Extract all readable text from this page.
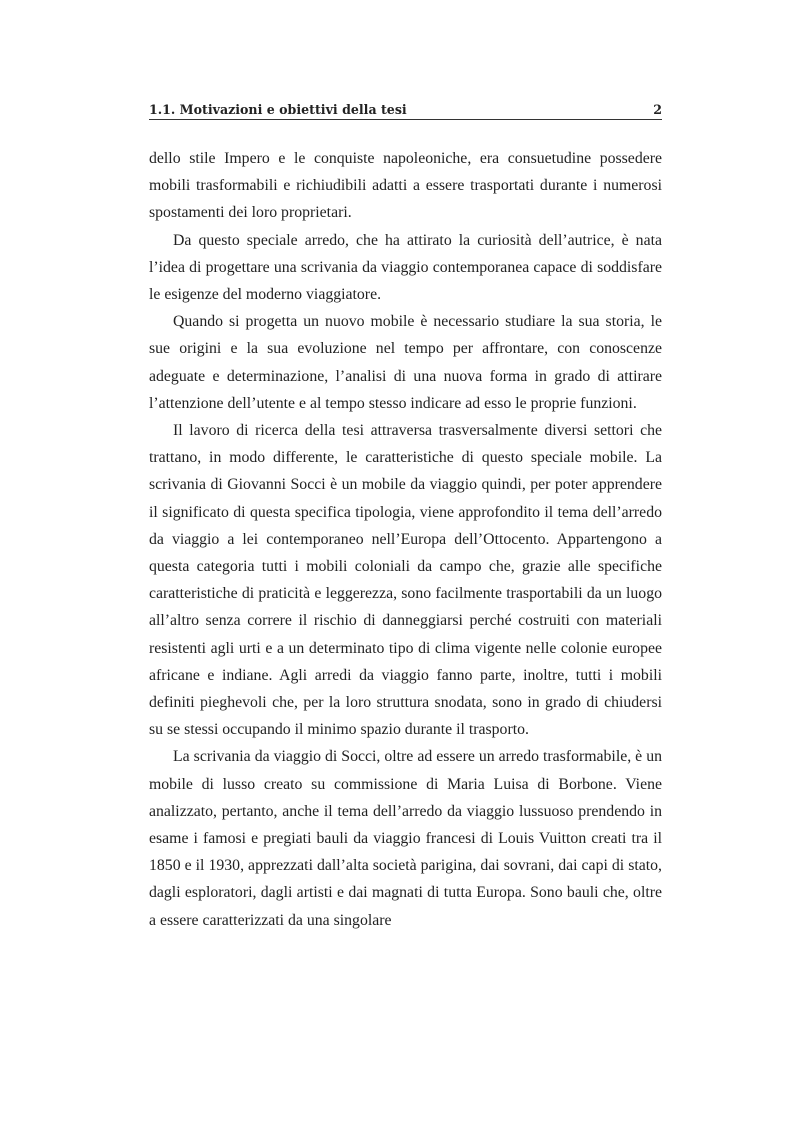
1.1. Motivazioni e obiettivi della tesi	2

dello stile Impero e le conquiste napoleoniche, era consuetudine possedere mobili trasformabili e richiudibili adatti a essere trasportati durante i numerosi spostamenti dei loro proprietari.

Da questo speciale arredo, che ha attirato la curiosità dell’autrice, è nata l’idea di progettare una scrivania da viaggio contemporanea capace di soddisfare le esigenze del moderno viaggiatore.

Quando si progetta un nuovo mobile è necessario studiare la sua storia, le sue origini e la sua evoluzione nel tempo per affrontare, con conoscenze adeguate e determinazione, l’analisi di una nuova forma in grado di attirare l’attenzione dell’utente e al tempo stesso indicare ad esso le proprie funzioni.

Il lavoro di ricerca della tesi attraversa trasversalmente diversi settori che trattano, in modo differente, le caratteristiche di questo speciale mobile. La scrivania di Giovanni Socci è un mobile da viaggio quindi, per poter apprendere il significato di questa specifica tipologia, viene approfondito il tema dell’arredo da viaggio a lei contemporaneo nell’Europa dell’Ottocento. Appartengono a questa categoria tutti i mobili coloniali da campo che, grazie alle specifiche caratteristiche di praticità e leggerezza, sono facilmente trasportabili da un luogo all’altro senza correre il rischio di danneggiarsi perché costruiti con materiali resistenti agli urti e a un determinato tipo di clima vigente nelle colonie europee africane e indiane. Agli arredi da viaggio fanno parte, inoltre, tutti i mobili definiti pieghevoli che, per la loro struttura snodata, sono in grado di chiudersi su se stessi occupando il minimo spazio durante il trasporto.

La scrivania da viaggio di Socci, oltre ad essere un arredo trasformabile, è un mobile di lusso creato su commissione di Maria Luisa di Borbone. Viene analizzato, pertanto, anche il tema dell’arredo da viaggio lussuoso prendendo in esame i famosi e pregiati bauli da viaggio francesi di Louis Vuitton creati tra il 1850 e il 1930, apprezzati dall’alta società parigina, dai sovrani, dai capi di stato, dagli esploratori, dagli artisti e dai magnati di tutta Europa. Sono bauli che, oltre a essere caratterizzati da una singolare
